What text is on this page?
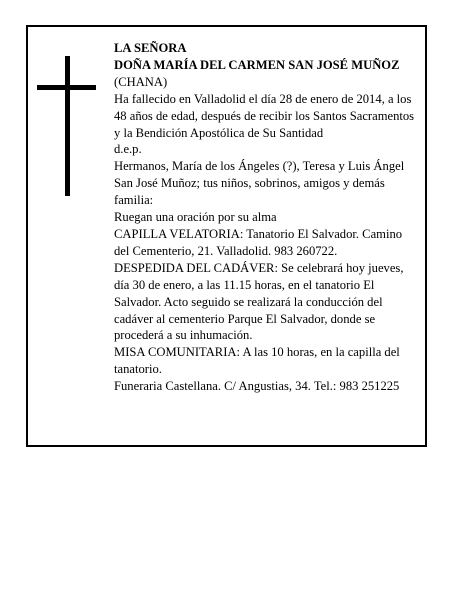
LA SEÑORA

DOÑA MARÍA DEL CARMEN SAN JOSÉ MUÑOZ

(CHANA)

Ha fallecido en Valladolid el día 28 de enero de 2014, a los 48 años de edad, después de recibir los Santos Sacramentos y la Bendición Apostólica de Su Santidad

d.e.p.

Hermanos, María de los Ángeles (?), Teresa y Luis Ángel San José Muñoz; tus niños, sobrinos, amigos y demás familia:

Ruegan una oración por su alma

CAPILLA VELATORIA: Tanatorio El Salvador. Camino del Cementerio, 21. Valladolid. 983 260722.

DESPEDIDA DEL CADÁVER: Se celebrará hoy jueves, día 30 de enero, a las 11.15 horas, en el tanatorio El Salvador. Acto seguido se realizará la conducción del cadáver al cementerio Parque El Salvador, donde se procederá a su inhumación.

MISA COMUNITARIA: A las 10 horas, en la capilla del tanatorio.

Funeraria Castellana. C/ Angustias, 34. Tel.: 983 251225
